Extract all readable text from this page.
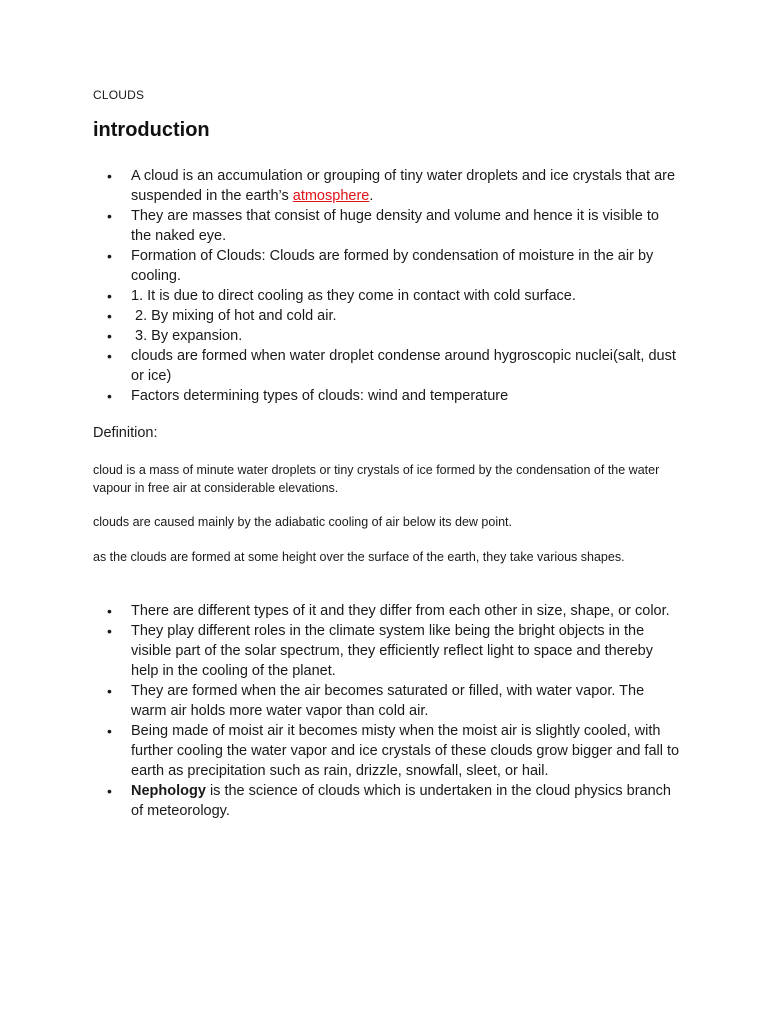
CLOUDS
introduction
• A cloud is an accumulation or grouping of tiny water droplets and ice crystals that are suspended in the earth’s atmosphere.
• They are masses that consist of huge density and volume and hence it is visible to the naked eye.
• Formation of Clouds: Clouds are formed by condensation of moisture in the air by cooling.
• 1. It is due to direct cooling as they come in contact with cold surface.
•  2. By mixing of hot and cold air.
•  3. By expansion.
• clouds are formed when water droplet condense around hygroscopic nuclei(salt, dust or ice)
• Factors determining types of clouds: wind and temperature
Definition:

cloud is a mass of minute water droplets or tiny crystals of ice formed by the condensation of the water vapour in free air at considerable elevations.

clouds are caused mainly by the adiabatic cooling of air below its dew point.

as the clouds are formed at some height over the surface of the earth, they take various shapes.

• There are different types of it and they differ from each other in size, shape, or color.
• They play different roles in the climate system like being the bright objects in the visible part of the solar spectrum, they efficiently reflect light to space and thereby help in the cooling of the planet.
• They are formed when the air becomes saturated or filled, with water vapor. The warm air holds more water vapor than cold air.
• Being made of moist air it becomes misty when the moist air is slightly cooled, with further cooling the water vapor and ice crystals of these clouds grow bigger and fall to earth as precipitation such as rain, drizzle, snowfall, sleet, or hail.
• Nephology is the science of clouds which is undertaken in the cloud physics branch of meteorology.
